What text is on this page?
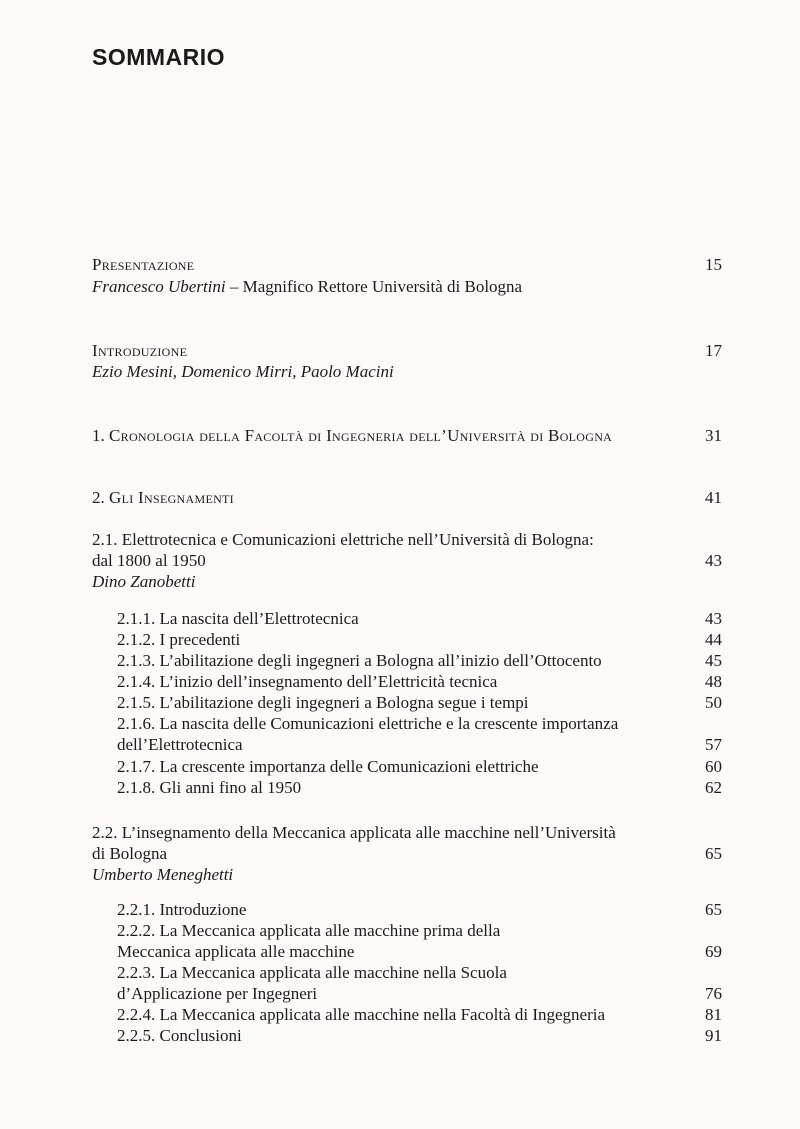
SOMMARIO
Presentazione	15
Francesco Ubertini – Magnifico Rettore Università di Bologna
Introduzione	17
Ezio Mesini, Domenico Mirri, Paolo Macini
1. Cronologia della Facoltà di Ingegneria dell’Università di Bologna	31
2. Gli Insegnamenti	41
2.1. Elettrotecnica e Comunicazioni elettriche nell’Università di Bologna:
dal 1800 al 1950	43
Dino Zanobetti
2.1.1. La nascita dell’Elettrotecnica	43
2.1.2. I precedenti	44
2.1.3. L’abilitazione degli ingegneri a Bologna all’inizio dell’Ottocento	45
2.1.4. L’inizio dell’insegnamento dell’Elettricità tecnica	48
2.1.5. L’abilitazione degli ingegneri a Bologna segue i tempi	50
2.1.6. La nascita delle Comunicazioni elettriche e la crescente importanza
dell’Elettrotecnica	57
2.1.7. La crescente importanza delle Comunicazioni elettriche	60
2.1.8. Gli anni fino al 1950	62
2.2. L’insegnamento della Meccanica applicata alle macchine nell’Università
di Bologna	65
Umberto Meneghetti
2.2.1. Introduzione	65
2.2.2. La Meccanica applicata alle macchine prima della
Meccanica applicata alle macchine	69
2.2.3. La Meccanica applicata alle macchine nella Scuola
d’Applicazione per Ingegneri	76
2.2.4. La Meccanica applicata alle macchine nella Facoltà di Ingegneria	81
2.2.5. Conclusioni	91
